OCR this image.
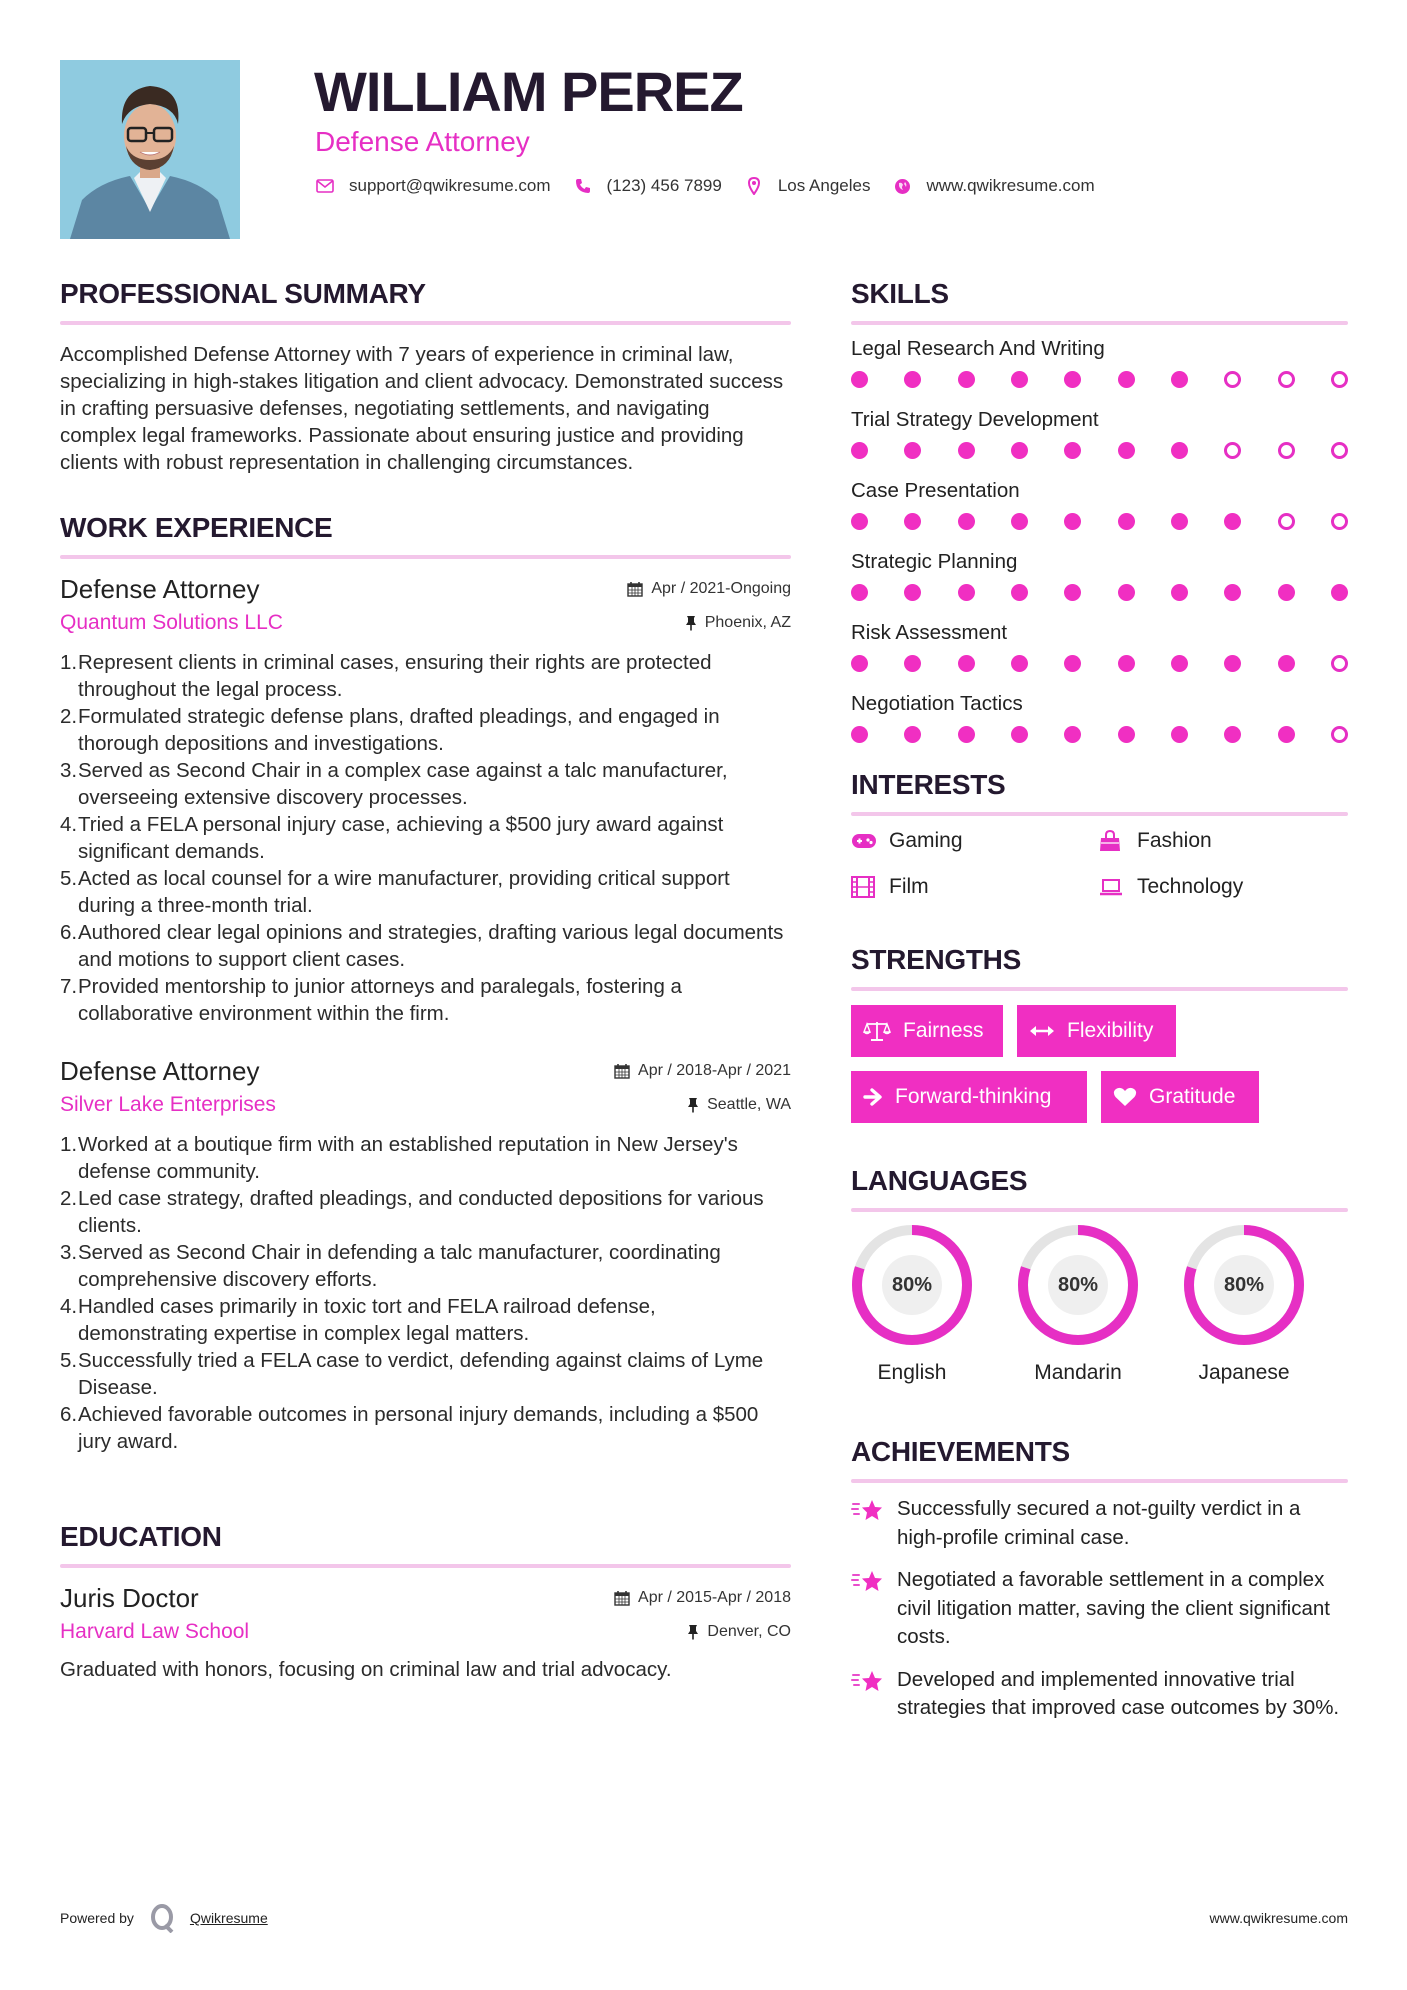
WILLIAM PEREZ
Defense Attorney
support@qwikresume.com	(123) 456 7899	Los Angeles	www.qwikresume.com
PROFESSIONAL SUMMARY

Accomplished Defense Attorney with 7 years of experience in criminal law, specializing in high-stakes litigation and client advocacy. Demonstrated success in crafting persuasive defenses, negotiating settlements, and navigating complex legal frameworks. Passionate about ensuring justice and providing clients with robust representation in challenging circumstances.

WORK EXPERIENCE
Defense Attorney	Apr / 2021-Ongoing
Quantum Solutions LLC	Phoenix, AZ
1. Represent clients in criminal cases, ensuring their rights are protected throughout the legal process.
2. Formulated strategic defense plans, drafted pleadings, and engaged in thorough depositions and investigations.
3. Served as Second Chair in a complex case against a talc manufacturer, overseeing extensive discovery processes.
4. Tried a FELA personal injury case, achieving a $500 jury award against significant demands.
5. Acted as local counsel for a wire manufacturer, providing critical support during a three-month trial.
6. Authored clear legal opinions and strategies, drafting various legal documents and motions to support client cases.
7. Provided mentorship to junior attorneys and paralegals, fostering a collaborative environment within the firm.
Defense Attorney	Apr / 2018-Apr / 2021
Silver Lake Enterprises	Seattle, WA
1. Worked at a boutique firm with an established reputation in New Jersey's defense community.
2. Led case strategy, drafted pleadings, and conducted depositions for various clients.
3. Served as Second Chair in defending a talc manufacturer, coordinating comprehensive discovery efforts.
4. Handled cases primarily in toxic tort and FELA railroad defense, demonstrating expertise in complex legal matters.
5. Successfully tried a FELA case to verdict, defending against claims of Lyme Disease.
6. Achieved favorable outcomes in personal injury demands, including a $500 jury award.
EDUCATION
Juris Doctor	Apr / 2015-Apr / 2018
Harvard Law School	Denver, CO

Graduated with honors, focusing on criminal law and trial advocacy.

SKILLS
Legal Research And Writing
Trial Strategy Development
Case Presentation
Strategic Planning
Risk Assessment
Negotiation Tactics
INTERESTS
Gaming	Fashion
Film	Technology
STRENGTHS
Fairness	Flexibility
Forward-thinking	Gratitude
LANGUAGES
80%
English
80%
Mandarin
80%
Japanese
ACHIEVEMENTS
Successfully secured a not-guilty verdict in a high-profile criminal case.
Negotiated a favorable settlement in a complex civil litigation matter, saving the client significant costs.
Developed and implemented innovative trial strategies that improved case outcomes by 30%.
Powered by	Qwikresume	www.qwikresume.com
